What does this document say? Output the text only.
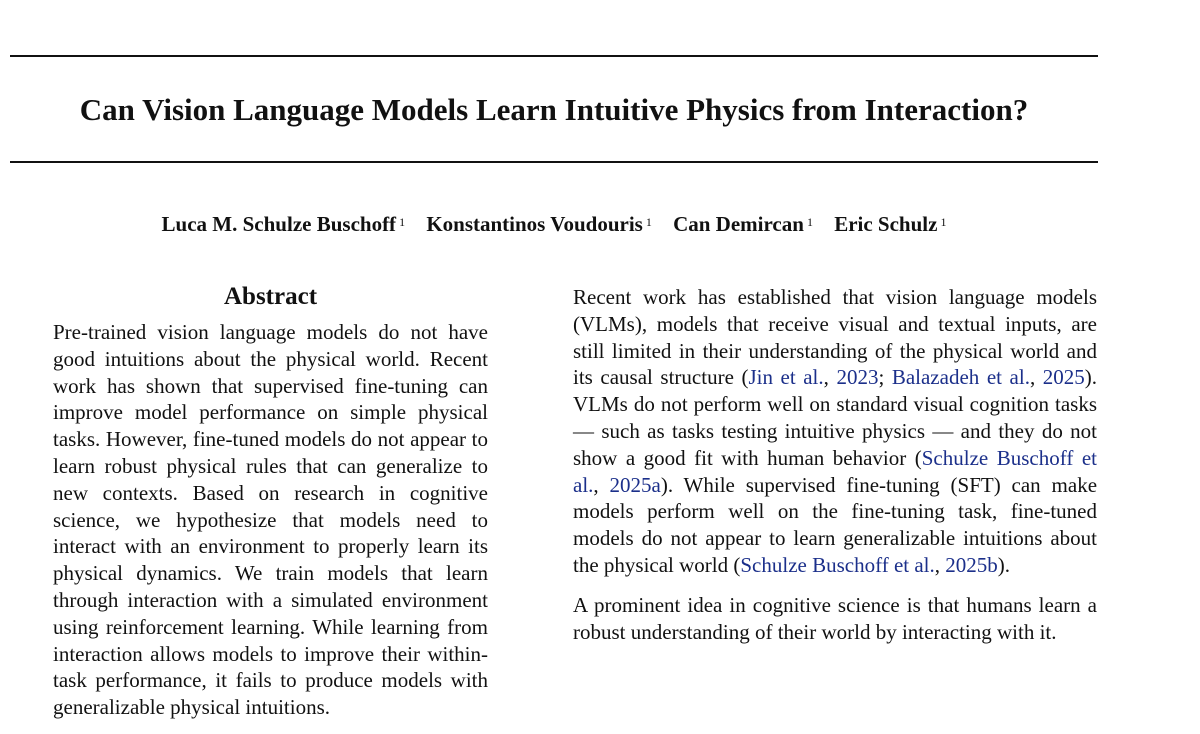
Can Vision Language Models Learn Intuitive Physics from Interaction?
Luca M. Schulze Buschoff $^1$ Konstantinos Voudouris $^1$ Can Demircan $^1$ Eric Schulz $^1$
Abstract

Pre-trained vision language models do not have good intuitions about the physical world. Recent work has shown that supervised fine-tuning can improve model performance on simple physical tasks. However, fine-tuned models do not appear to learn robust physical rules that can generalize to new contexts. Based on research in cognitive science, we hypothesize that models need to interact with an environment to properly learn its physical dynamics. We train models that learn through interaction with a simulated environment using reinforcement learning. While learning from interaction allows models to improve their within-task performance, it fails to produce models with generalizable physical intuitions.

Recent work has established that vision language models (VLMs), models that receive visual and textual inputs, are still limited in their understanding of the physical world and its causal structure (Jin et al., 2023; Balazadeh et al., 2025). VLMs do not perform well on standard visual cognition tasks — such as tasks testing intuitive physics — and they do not show a good fit with human behavior (Schulze Buschoff et al., 2025a). While supervised fine-tuning (SFT) can make models perform well on the fine-tuning task, fine-tuned models do not appear to learn generalizable intuitions about the physical world (Schulze Buschoff et al., 2025b).

A prominent idea in cognitive science is that humans learn a robust understanding of their world by interacting with it.
